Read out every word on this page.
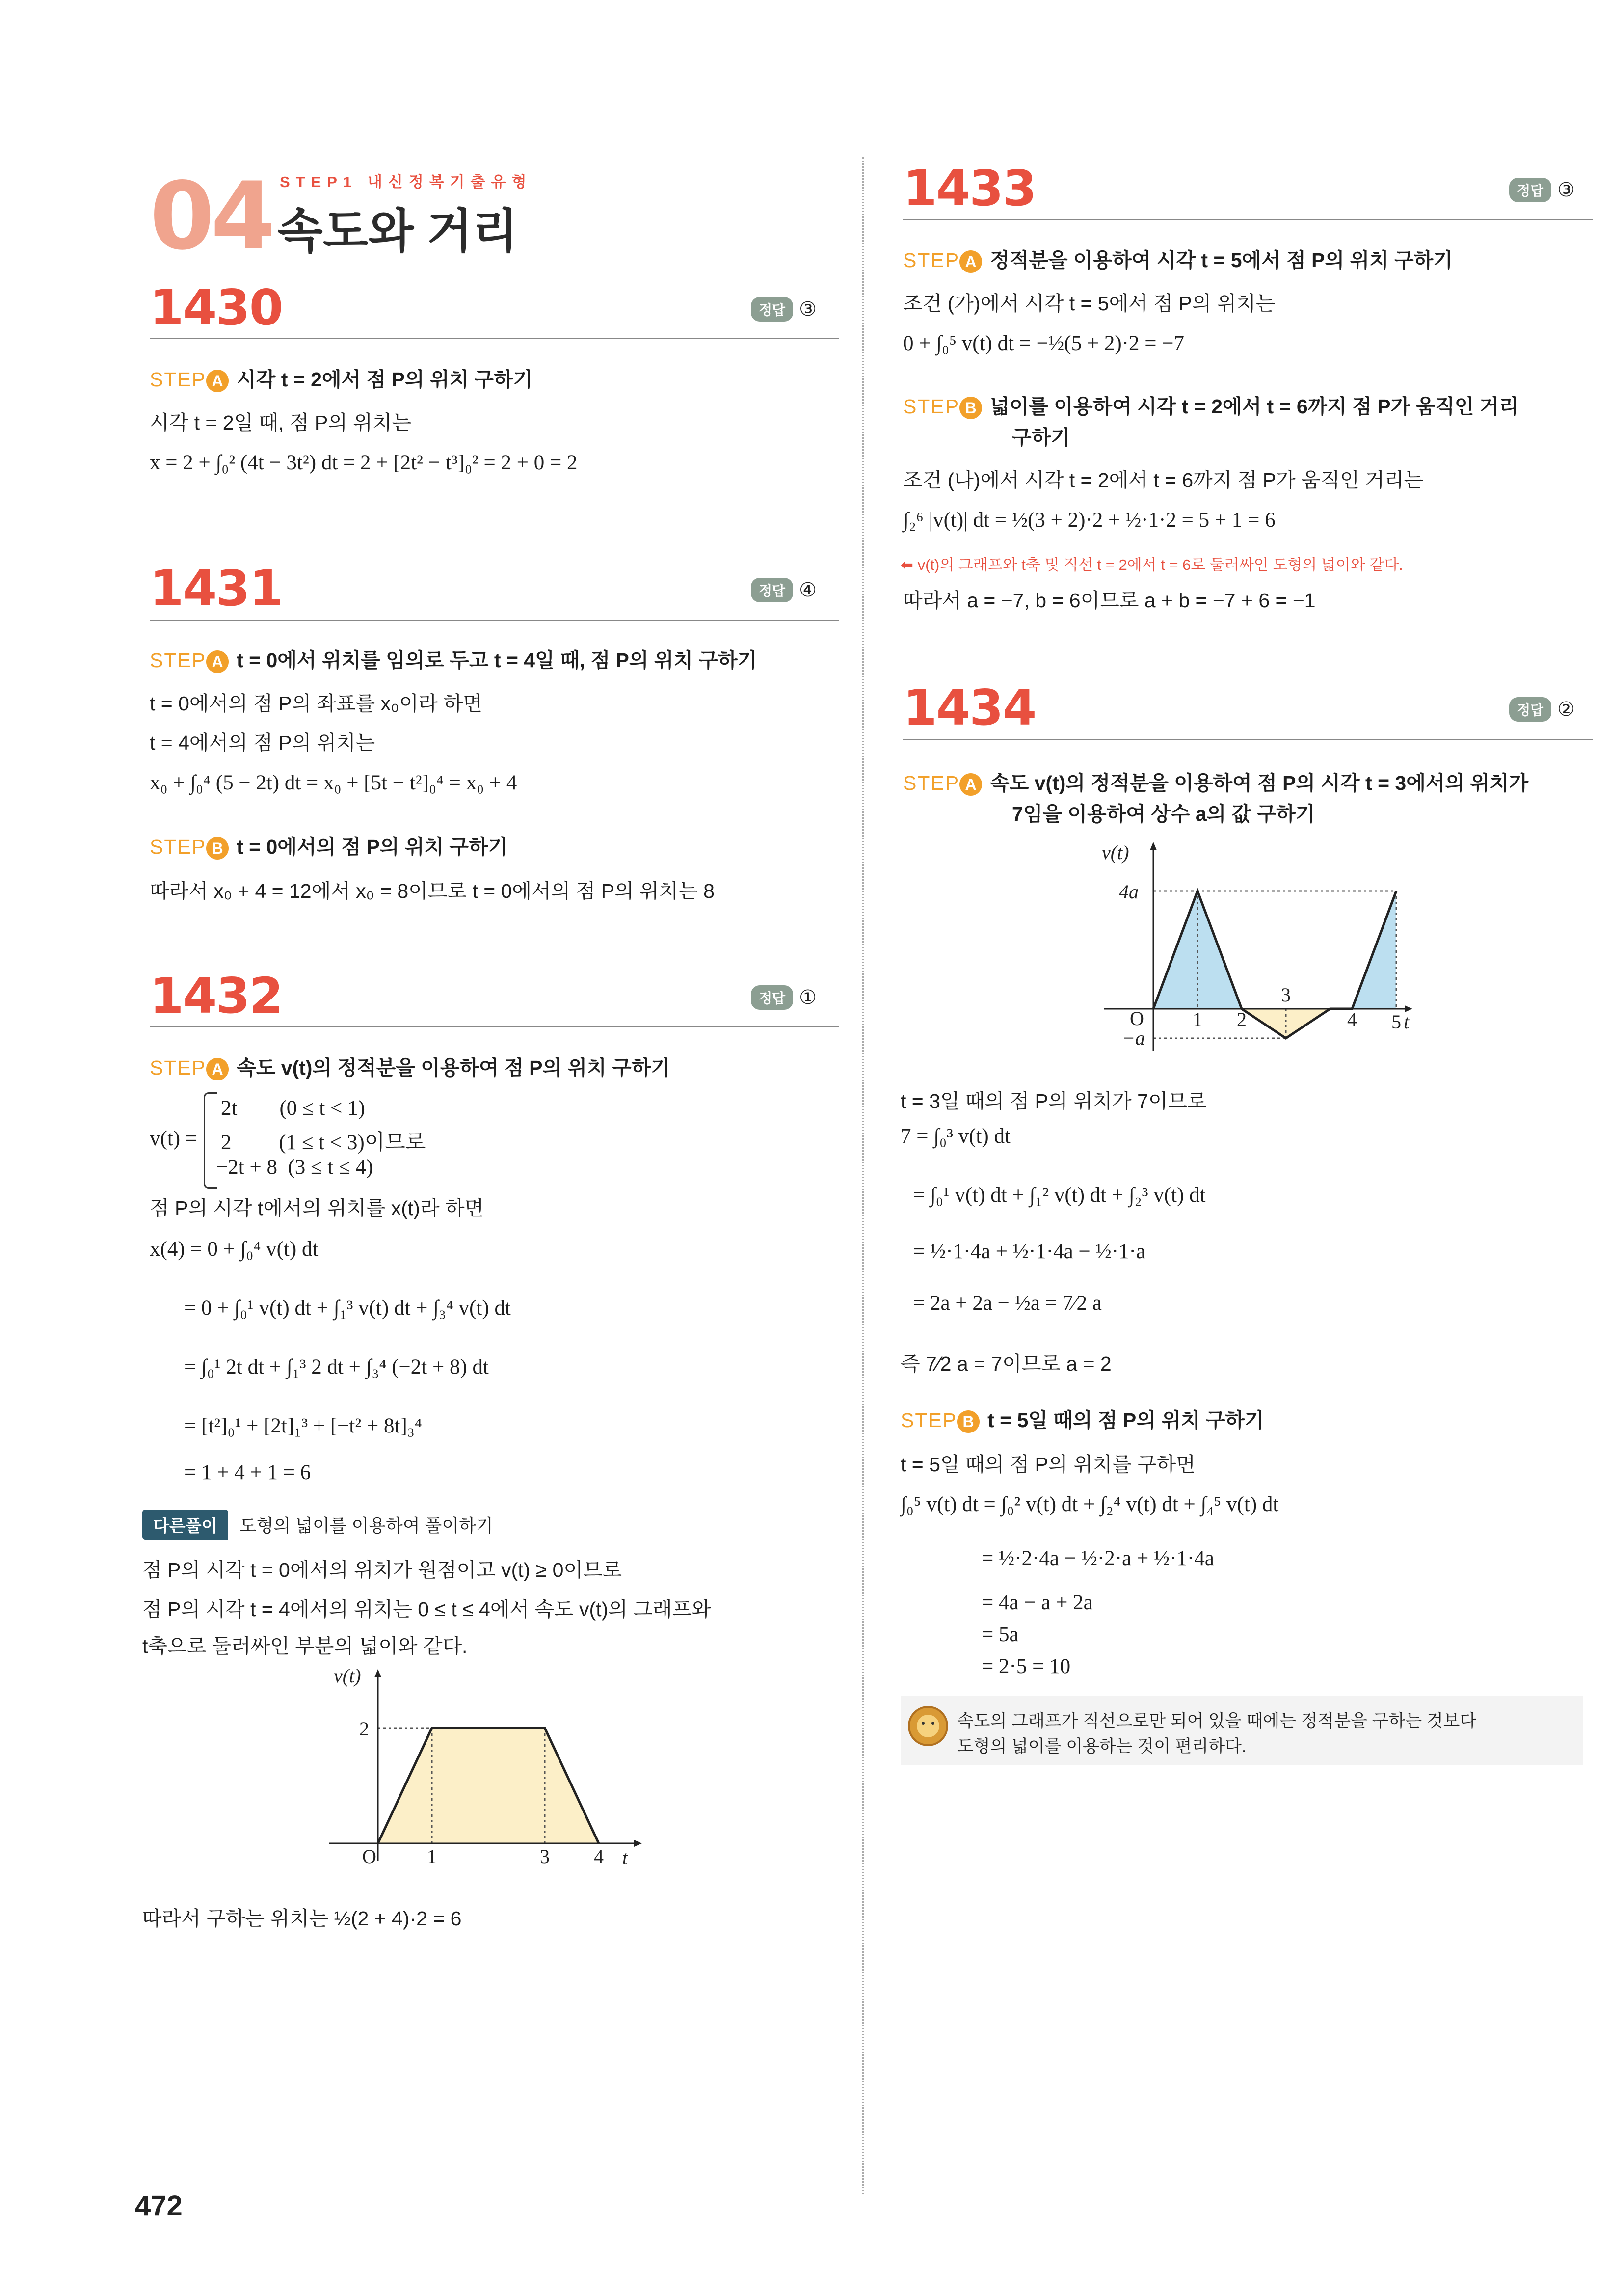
04 STEP1 내신정복기출유형
속도와 거리
1430	정답 ③
STEP A 시각 t = 2에서 점 P의 위치 구하기
시각 t = 2일 때, 점 P의 위치는
x = 2 + ∫₀² (4t − 3t²) dt = 2 + [2t² − t³]₀² = 2 + 0 = 2
1431	정답 ④
STEP A t = 0에서 위치를 임의로 두고 t = 4일 때, 점 P의 위치 구하기
t = 0에서의 점 P의 좌표를 x₀이라 하면
t = 4에서의 점 P의 위치는
x₀ + ∫₀⁴ (5 − 2t) dt = x₀ + [5t − t²]₀⁴ = x₀ + 4
STEP B t = 0에서의 점 P의 위치 구하기
따라서 x₀ + 4 = 12에서 x₀ = 8이므로 t = 0에서의 점 P의 위치는 8
1432	정답 ①
STEP A 속도 v(t)의 정적분을 이용하여 점 P의 위치 구하기
v(t) =
2t        (0 ≤ t < 1)
2         (1 ≤ t < 3)이므로
−2t + 8  (3 ≤ t ≤ 4)
점 P의 시각 t에서의 위치를 x(t)라 하면
x(4) = 0 + ∫₀⁴ v(t) dt
= 0 + ∫₀¹ v(t) dt + ∫₁³ v(t) dt + ∫₃⁴ v(t) dt
= ∫₀¹ 2t dt + ∫₁³ 2 dt + ∫₃⁴ (−2t + 8) dt
= [t²]₀¹ + [2t]₁³ + [−t² + 8t]₃⁴
= 1 + 4 + 1 = 6
다른풀이 도형의 넓이를 이용하여 풀이하기
점 P의 시각 t = 0에서의 위치가 원점이고 v(t) ≥ 0이므로
점 P의 시각 t = 4에서의 위치는 0 ≤ t ≤ 4에서 속도 v(t)의 그래프와
t축으로 둘러싸인 부분의 넓이와 같다.
v(t)
2
O	1	3 4 t
따라서 구하는 위치는 ½(2 + 4)·2 = 6
1433	정답 ③
STEP A 정적분을 이용하여 시각 t = 5에서 점 P의 위치 구하기
조건 (가)에서 시각 t = 5에서 점 P의 위치는
0 + ∫₀⁵ v(t) dt = −½(5 + 2)·2 = −7
STEP B 넓이를 이용하여 시각 t = 2에서 t = 6까지 점 P가 움직인 거리
구하기
조건 (나)에서 시각 t = 2에서 t = 6까지 점 P가 움직인 거리는
∫₂⁶ |v(t)| dt = ½(3 + 2)·2 + ½·1·2 = 5 + 1 = 6
⬅ v(t)의 그래프와 t축 및 직선 t = 2에서 t = 6로 둘러싸인 도형의 넓이와 같다.
따라서 a = −7, b = 6이므로 a + b = −7 + 6 = −1
1434	정답 ②
STEP A 속도 v(t)의 정적분을 이용하여 점 P의 시각 t = 3에서의 위치가
7임을 이용하여 상수 a의 값 구하기
v(t)
4a
O
−a
1 2
3
4 5 t
t = 3일 때의 점 P의 위치가 7이므로
7 = ∫₀³ v(t) dt
= ∫₀¹ v(t) dt + ∫₁² v(t) dt + ∫₂³ v(t) dt
= ½·1·4a + ½·1·4a − ½·1·a
= 2a + 2a − ½a = 7⁄2 a
즉 7⁄2 a = 7이므로 a = 2
STEP B t = 5일 때의 점 P의 위치 구하기
t = 5일 때의 점 P의 위치를 구하면
∫₀⁵ v(t) dt = ∫₀² v(t) dt + ∫₂⁴ v(t) dt + ∫₄⁵ v(t) dt
= ½·2·4a − ½·2·a + ½·1·4a
= 4a − a + 2a
= 5a
= 2·5 = 10
속도의 그래프가 직선으로만 되어 있을 때에는 정적분을 구하는 것보다
도형의 넓이를 이용하는 것이 편리하다.
472
